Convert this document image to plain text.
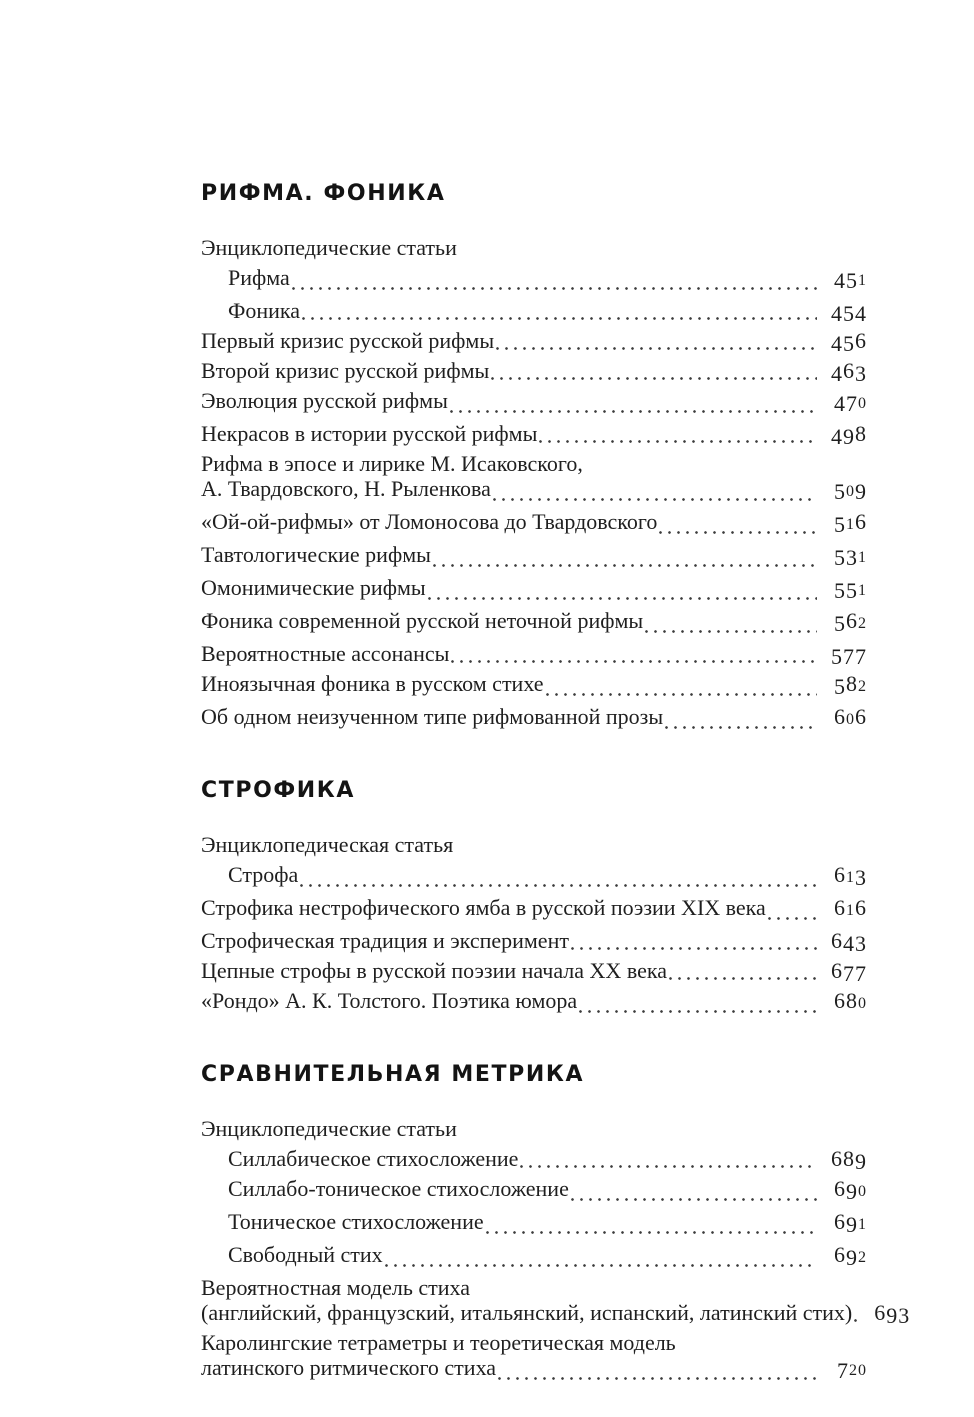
РИФМА. ФОНИКА
Энциклопедические статьи
Рифма	451
Фоника	454
Первый кризис русской рифмы	456
Второй кризис русской рифмы	463
Эволюция русской рифмы	470
Некрасов в истории русской рифмы	498
Рифма в эпосе и лирике М. Исаковского,
А. Твардовского, Н. Рыленкова	509
«Ой-ой-рифмы» от Ломоносова до Твардовского	516
Тавтологические рифмы	531
Омонимические рифмы	551
Фоника современной русской неточной рифмы	562
Вероятностные ассонансы	577
Иноязычная фоника в русском стихе	582
Об одном неизученном типе рифмованной прозы	606
СТРОФИКА
Энциклопедическая статья
Строфа	613
Строфика нестрофического ямба в русской поэзии XIX века	616
Строфическая традиция и эксперимент	643
Цепные строфы в русской поэзии начала XX века	677
«Рондо» А. К. Толстого. Поэтика юмора	680
СРАВНИТЕЛЬНАЯ МЕТРИКА
Энциклопедические статьи
Силлабическое стихосложение	689
Силлабо-тоническое стихосложение	690
Тоническое стихосложение	691
Свободный стих	692
Вероятностная модель стиха
(английский, французский, итальянский, испанский, латинский стих)	693
Каролингские тетраметры и теоретическая модель
латинского ритмического стиха	720
